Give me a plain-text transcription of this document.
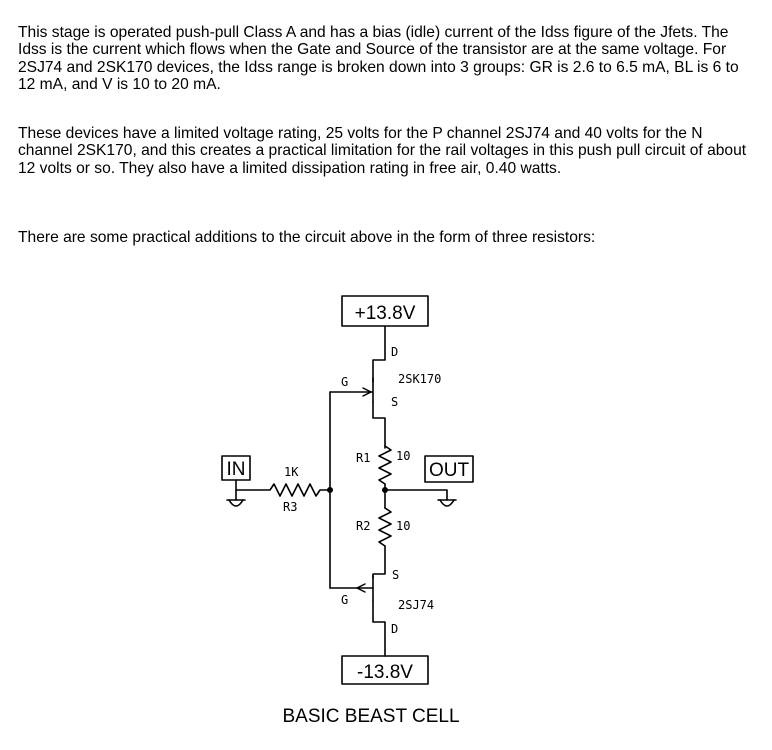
This stage is operated push-pull Class A and has a bias (idle) current of the Idss figure of the Jfets. The Idss is the current which flows when the Gate and Source of the transistor are at the same voltage. For 2SJ74 and 2SK170 devices, the Idss range is broken down into 3 groups: GR is 2.6 to 6.5 mA, BL is 6 to 12 mA, and V is 10 to 20 mA.

These devices have a limited voltage rating, 25 volts for the P channel 2SJ74 and 40 volts for the N channel 2SK170, and this creates a practical limitation for the rail voltages in this push pull circuit of about 12 volts or so. They also have a limited dissipation rating in free air, 0.40 watts.

There are some practical additions to the circuit above in the form of three resistors:

+13.8V
D
G
S
2SK170
R1 10
OUT
R2 10
S
G	2SJ74
D
-13.8V
1K
R3
IN
BASIC BEAST CELL
